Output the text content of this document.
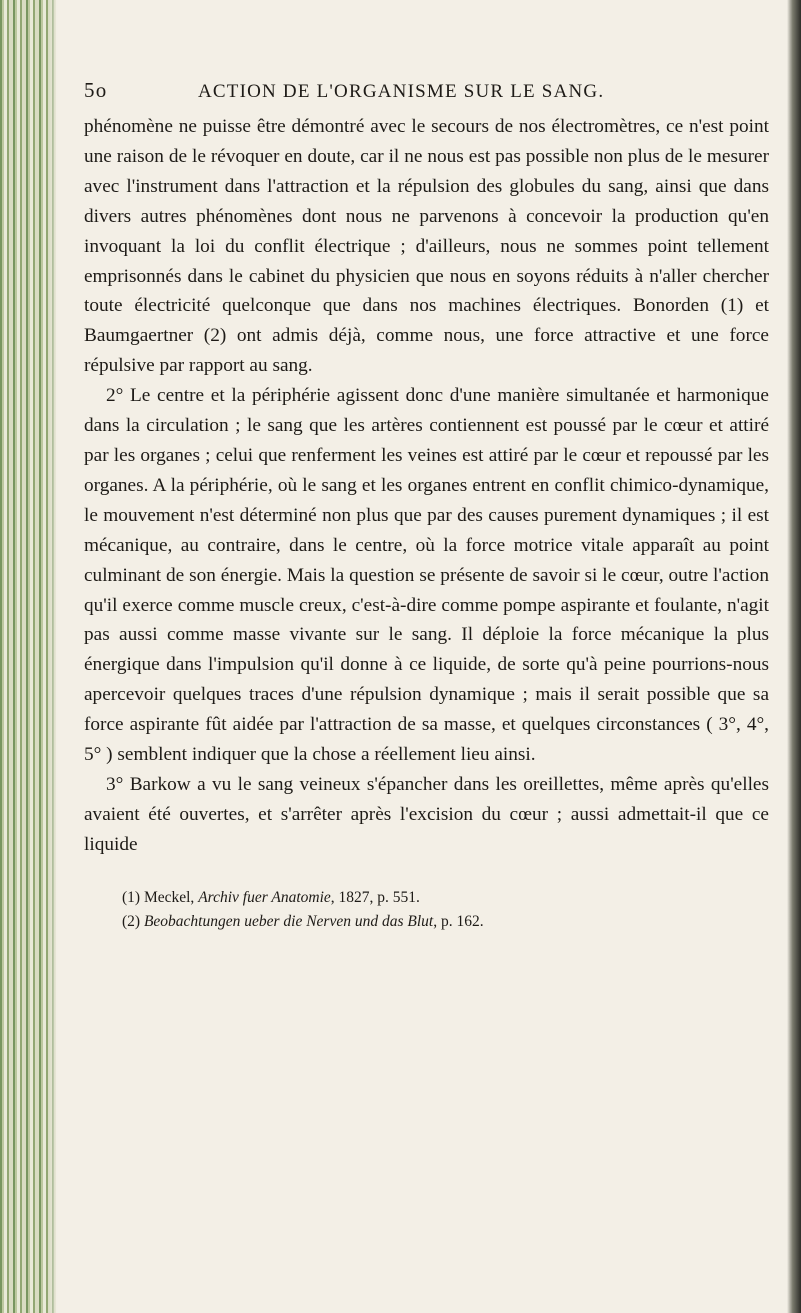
5o	ACTION DE L'ORGANISME SUR LE SANG.

phénomène ne puisse être démontré avec le secours de nos électromètres, ce n'est point une raison de le révoquer en doute, car il ne nous est pas possible non plus de le mesurer avec l'instrument dans l'attraction et la répulsion des globules du sang, ainsi que dans divers autres phénomènes dont nous ne parvenons à concevoir la production qu'en invoquant la loi du conflit électrique ; d'ailleurs, nous ne sommes point tellement emprisonnés dans le cabinet du physicien que nous en soyons réduits à n'aller chercher toute électricité quelconque que dans nos machines électriques. Bonorden (1) et Baumgaertner (2) ont admis déjà, comme nous, une force attractive et une force répulsive par rapport au sang.

2° Le centre et la périphérie agissent donc d'une manière simultanée et harmonique dans la circulation ; le sang que les artères contiennent est poussé par le cœur et attiré par les organes ; celui que renferment les veines est attiré par le cœur et repoussé par les organes. A la périphérie, où le sang et les organes entrent en conflit chimico-dynamique, le mouvement n'est déterminé non plus que par des causes purement dynamiques ; il est mécanique, au contraire, dans le centre, où la force motrice vitale apparaît au point culminant de son énergie. Mais la question se présente de savoir si le cœur, outre l'action qu'il exerce comme muscle creux, c'est-à-dire comme pompe aspirante et foulante, n'agit pas aussi comme masse vivante sur le sang. Il déploie la force mécanique la plus énergique dans l'impulsion qu'il donne à ce liquide, de sorte qu'à peine pourrions-nous apercevoir quelques traces d'une répulsion dynamique ; mais il serait possible que sa force aspirante fût aidée par l'attraction de sa masse, et quelques circonstances ( 3°, 4°, 5° ) semblent indiquer que la chose a réellement lieu ainsi.

3° Barkow a vu le sang veineux s'épancher dans les oreillettes, même après qu'elles avaient été ouvertes, et s'arrêter après l'excision du cœur ; aussi admettait-il que ce liquide

(1) Meckel, Archiv fuer Anatomie, 1827, p. 551.
(2) Beobachtungen ueber die Nerven und das Blut, p. 162.
